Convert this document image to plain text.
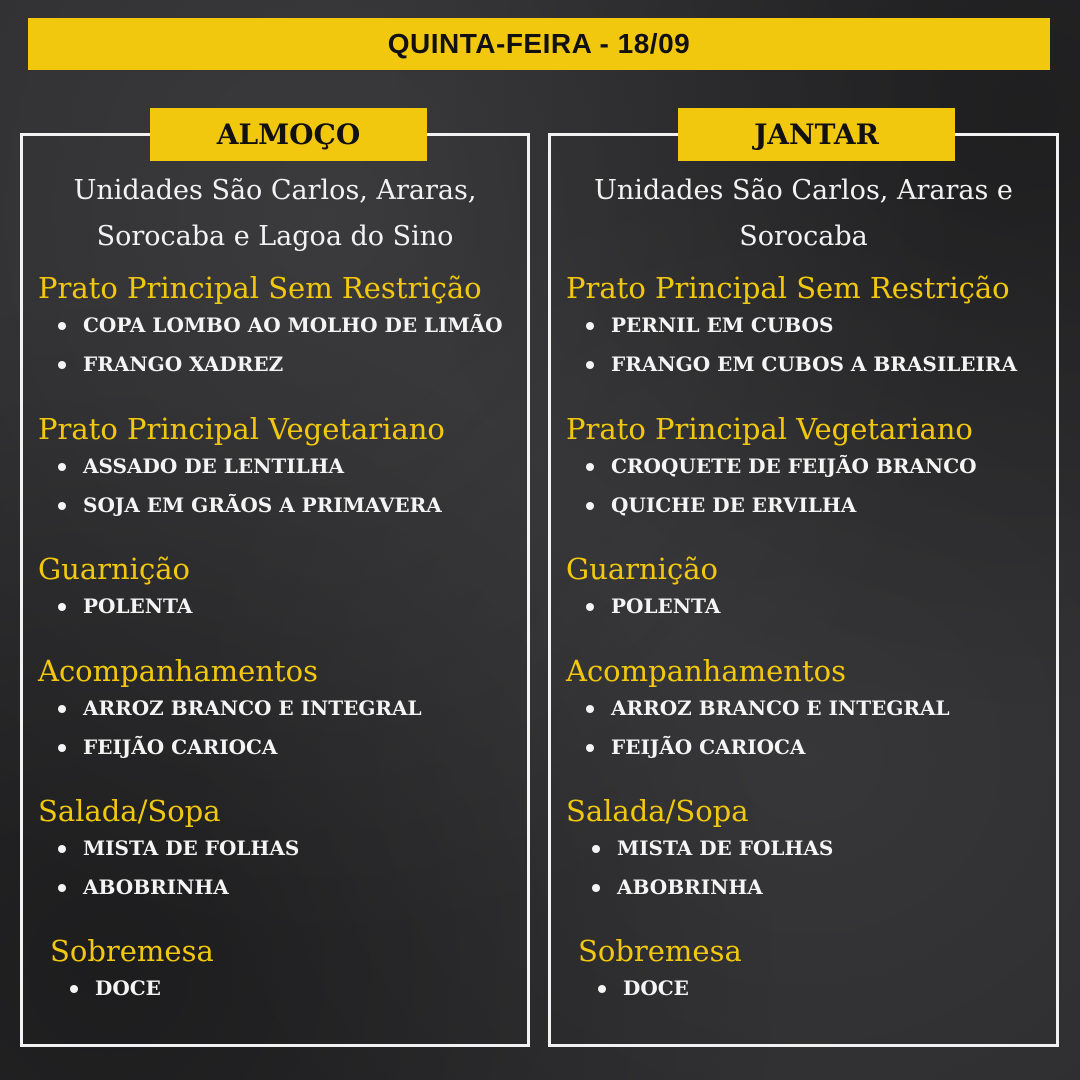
QUINTA-FEIRA - 18/09
ALMOÇO
Unidades São Carlos, Araras, Sorocaba e Lagoa do Sino
Prato Principal Sem Restrição
COPA LOMBO AO MOLHO DE LIMÃO
FRANGO XADREZ
Prato Principal Vegetariano
ASSADO DE LENTILHA
SOJA EM GRÃOS A PRIMAVERA
Guarnição
POLENTA
Acompanhamentos
ARROZ BRANCO E INTEGRAL
FEIJÃO CARIOCA
Salada/Sopa
MISTA DE FOLHAS
ABOBRINHA
Sobremesa
DOCE
JANTAR
Unidades São Carlos, Araras e Sorocaba
Prato Principal Sem Restrição
PERNIL EM CUBOS
FRANGO EM CUBOS A BRASILEIRA
Prato Principal Vegetariano
CROQUETE DE FEIJÃO BRANCO
QUICHE DE ERVILHA
Guarnição
POLENTA
Acompanhamentos
ARROZ BRANCO E INTEGRAL
FEIJÃO CARIOCA
Salada/Sopa
MISTA DE FOLHAS
ABOBRINHA
Sobremesa
DOCE
